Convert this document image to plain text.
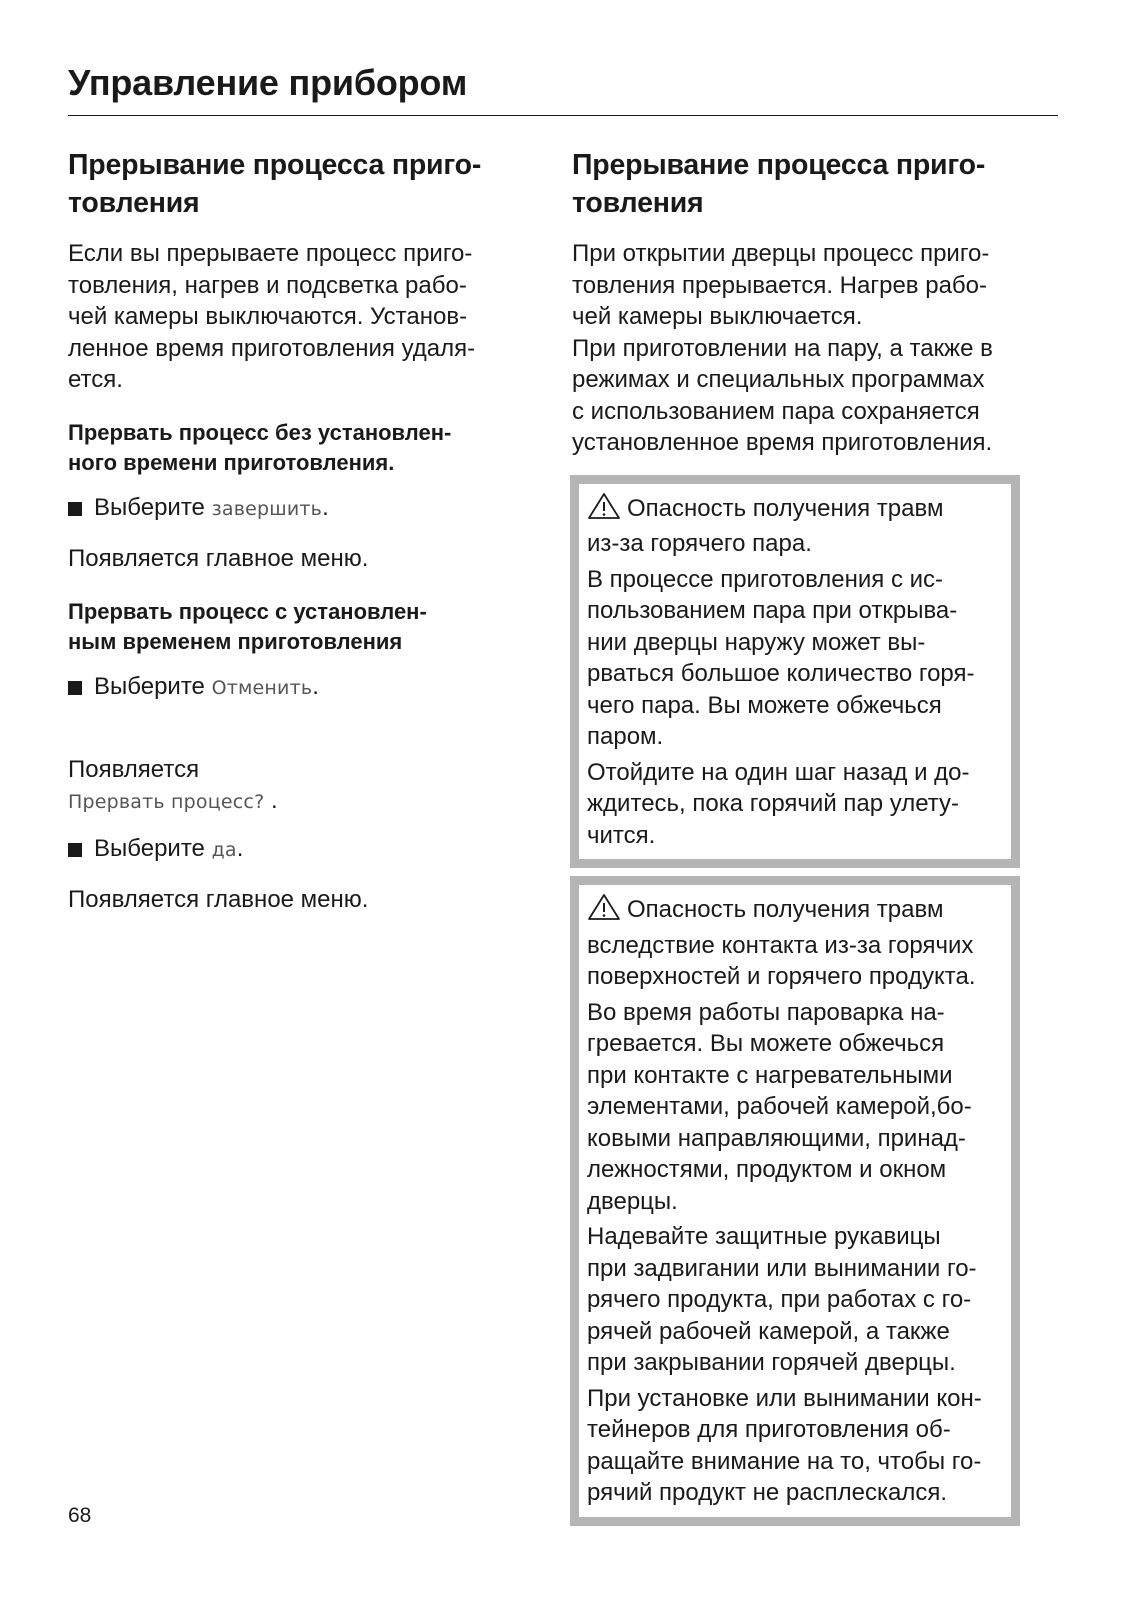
Управление прибором
Прерывание процесса приго-
товления

Если вы прерываете процесс приго-
товления, нагрев и подсветка рабо-
чей камеры выключаются. Установ-
ленное время приготовления удаля-
ется.

Прервать процесс без установлен-
ного времени приготовления.
Выберите завершить.

Появляется главное меню.

Прервать процесс с установлен-
ным временем приготовления
Выберите Отменить.

Появляется
Прервать процесс? .

Выберите да.

Появляется главное меню.

Прерывание процесса приго-
товления

При открытии дверцы процесс приго-
товления прерывается. Нагрев рабо-
чей камеры выключается.
При приготовлении на пару, а также в
режимах и специальных программах
с использованием пара сохраняется
установленное время приготовления.

Опасность получения травм
из-за горячего пара.

В процессе приготовления с ис-
пользованием пара при открыва-
нии дверцы наружу может вы-
рваться большое количество горя-
чего пара. Вы можете обжечься
паром.

Отойдите на один шаг назад и до-
ждитесь, пока горячий пар улету-
чится.

Опасность получения травм
вследствие контакта из-за горячих
поверхностей и горячего продукта.

Во время работы пароварка на-
гревается. Вы можете обжечься
при контакте с нагревательными
элементами, рабочей камерой,бо-
ковыми направляющими, принад-
лежностями, продуктом и окном
дверцы.

Надевайте защитные рукавицы
при задвигании или вынимании го-
рячего продукта, при работах с го-
рячей рабочей камерой, а также
при закрывании горячей дверцы.

При установке или вынимании кон-
тейнеров для приготовления об-
ращайте внимание на то, чтобы го-
рячий продукт не расплескался.

68
